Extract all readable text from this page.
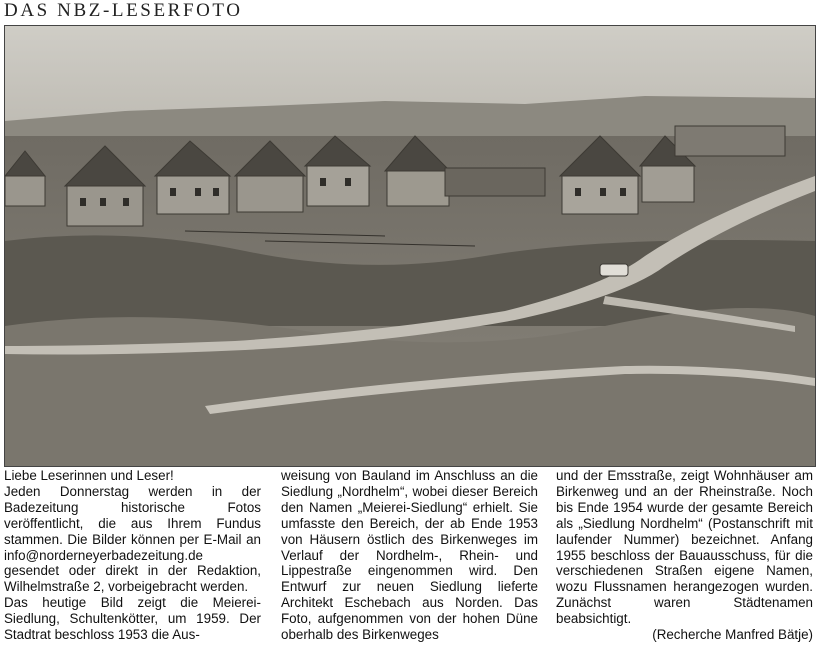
DAS NBZ-LESERFOTO

Liebe Leserinnen und Leser!

Jeden Donnerstag werden in der Badezeitung historische Fotos veröffentlicht, die aus Ihrem Fundus stammen. Die Bilder können per E-Mail an info@norderneyerbadezeitung.de gesendet oder direkt in der Redaktion, Wilhelmstraße 2, vorbeigebracht werden.

Das heutige Bild zeigt die Meierei-Siedlung, Schultenkötter, um 1959. Der Stadtrat beschloss 1953 die Aus-

weisung von Bauland im Anschluss an die Siedlung „Nordhelm“, wobei dieser Bereich den Namen „Meierei-Siedlung“ erhielt. Sie umfasste den Bereich, der ab Ende 1953 von Häusern östlich des Birkenweges im Verlauf der Nordhelm-, Rhein- und Lippestraße eingenommen wird. Den Entwurf zur neuen Siedlung lieferte Architekt Eschebach aus Norden. Das Foto, aufgenommen von der hohen Düne oberhalb des Birkenweges

und der Emsstraße, zeigt Wohnhäuser am Birkenweg und an der Rheinstraße. Noch bis Ende 1954 wurde der gesamte Bereich als „Siedlung Nordhelm“ (Postanschrift mit laufender Nummer) bezeichnet. Anfang 1955 beschloss der Bauausschuss, für die verschiedenen Straßen eigene Namen, wozu Flussnamen herangezogen wurden. Zunächst waren Städtenamen beabsichtigt.

(Recherche Manfred Bätje)
